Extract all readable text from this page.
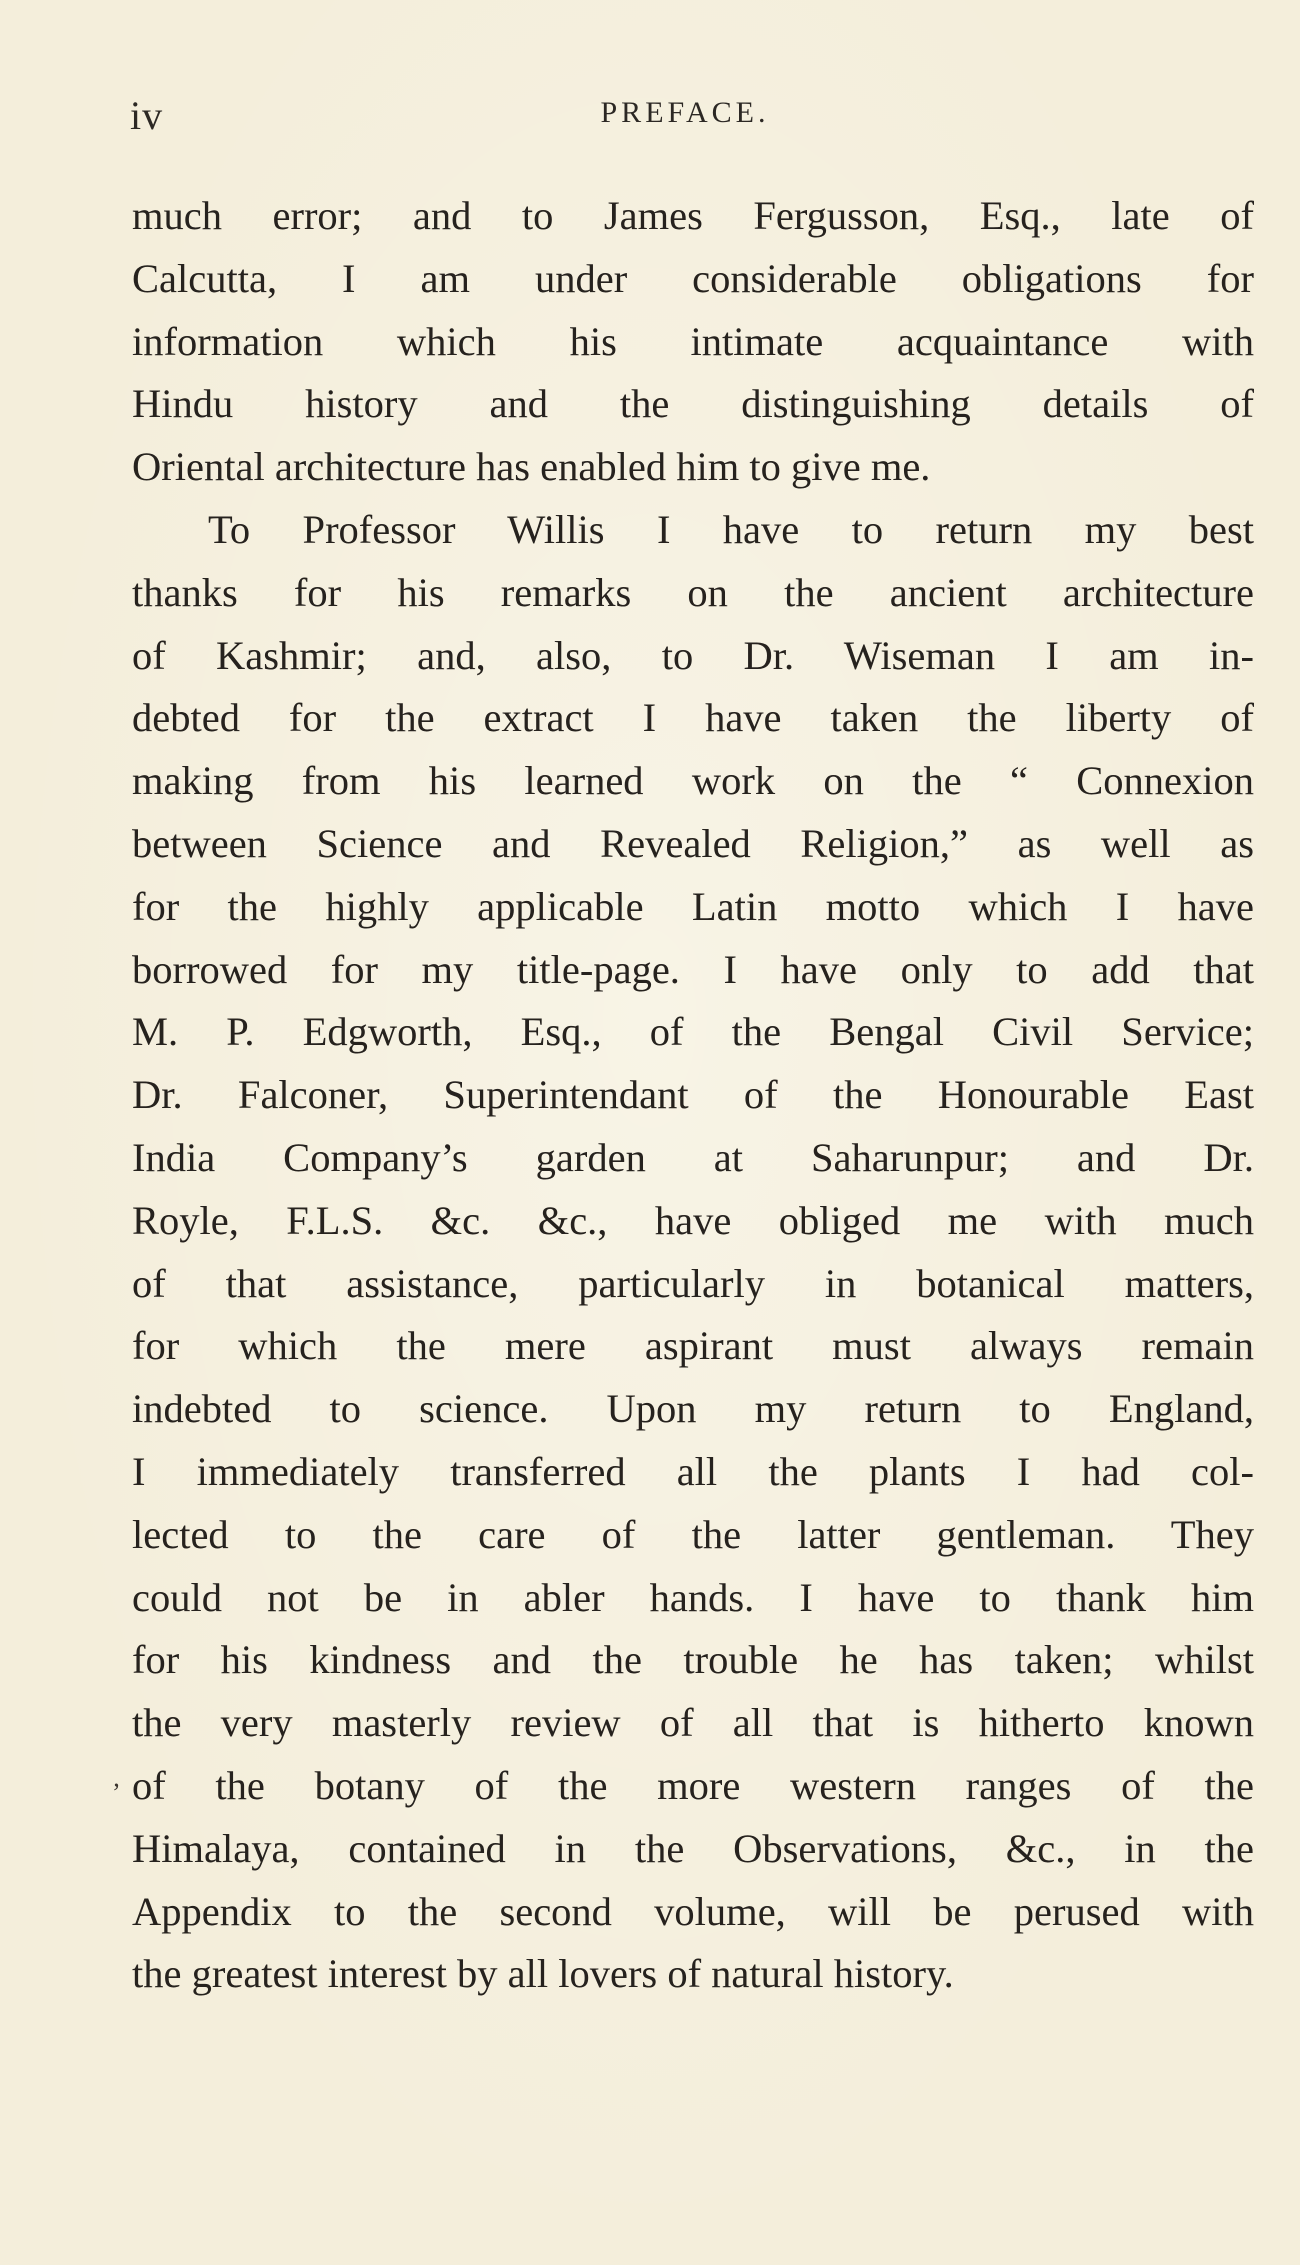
iv	PREFACE.
much error; and to James Fergusson, Esq., late of
Calcutta, I am under considerable obligations for
information which his intimate acquaintance with
Hindu history and the distinguishing details of
Oriental architecture has enabled him to give me.
To Professor Willis I have to return my best
thanks for his remarks on the ancient architecture
of Kashmir; and, also, to Dr. Wiseman I am in-
debted for the extract I have taken the liberty of
making from his learned work on the “ Connexion
between Science and Revealed Religion,” as well as
for the highly applicable Latin motto which I have
borrowed for my title-page. I have only to add that
M. P. Edgworth, Esq., of the Bengal Civil Service;
Dr. Falconer, Superintendant of the Honourable East
India Company’s garden at Saharunpur; and Dr.
Royle, F.L.S. &c. &c., have obliged me with much
of that assistance, particularly in botanical matters,
for which the mere aspirant must always remain
indebted to science. Upon my return to England,
I immediately transferred all the plants I had col-
lected to the care of the latter gentleman. They
could not be in abler hands. I have to thank him
for his kindness and the trouble he has taken; whilst
the very masterly review of all that is hitherto known
of the botany of the more western ranges of the
Himalaya, contained in the Observations, &c., in the
Appendix to the second volume, will be perused with
the greatest interest by all lovers of natural history.
’
